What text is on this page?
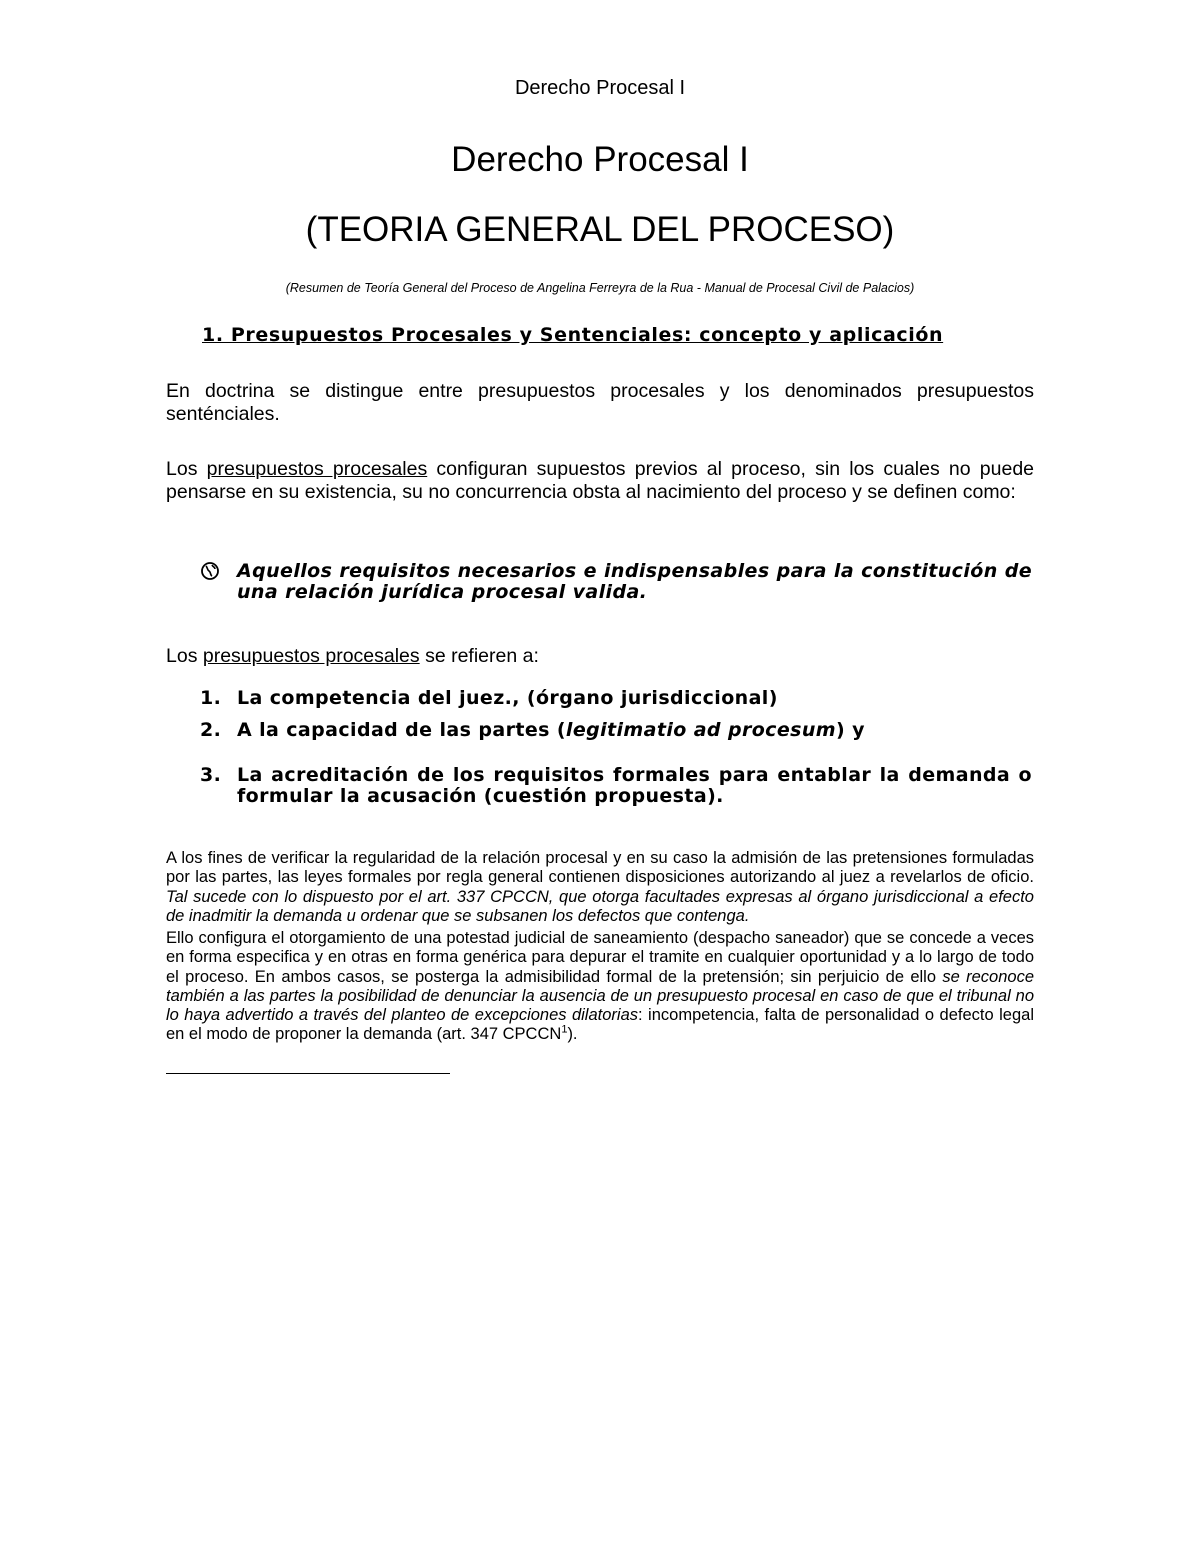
Derecho Procesal I
Derecho Procesal I
(TEORIA GENERAL DEL PROCESO)
(Resumen de Teoría General del Proceso de Angelina Ferreyra de la Rua - Manual de Procesal Civil de Palacios)
1. Presupuestos Procesales y Sentenciales: concepto y aplicación
En doctrina se distingue entre presupuestos procesales y los denominados presupuestos senténciales.
Los presupuestos procesales configuran supuestos previos al proceso, sin los cuales no puede pensarse en su existencia, su no concurrencia obsta al nacimiento del proceso y se definen como:
Aquellos requisitos necesarios e indispensables para la constitución de una relación jurídica procesal valida.
Los presupuestos procesales se refieren a:
1. La competencia del juez., (órgano jurisdiccional)
2. A la capacidad de las partes (legitimatio ad procesum) y
3. La acreditación de los requisitos formales para entablar la demanda o formular la acusación (cuestión propuesta).
A los fines de verificar la regularidad de la relación procesal y en su caso la admisión de las pretensiones formuladas por las partes, las leyes formales por regla general contienen disposiciones autorizando al juez a revelarlos de oficio. Tal sucede con lo dispuesto por el art. 337 CPCCN, que otorga facultades expresas al órgano jurisdiccional a efecto de inadmitir la demanda u ordenar que se subsanen los defectos que contenga.
Ello configura el otorgamiento de una potestad judicial de saneamiento (despacho saneador) que se concede a veces en forma especifica y en otras en forma genérica para depurar el tramite en cualquier oportunidad y a lo largo de todo el proceso. En ambos casos, se posterga la admisibilidad formal de la pretensión; sin perjuicio de ello se reconoce también a las partes la posibilidad de denunciar la ausencia de un presupuesto procesal en caso de que el tribunal no lo haya advertido a través del planteo de excepciones dilatorias: incompetencia, falta de personalidad o defecto legal en el modo de proponer la demanda (art. 347 CPCCN$^1$).
